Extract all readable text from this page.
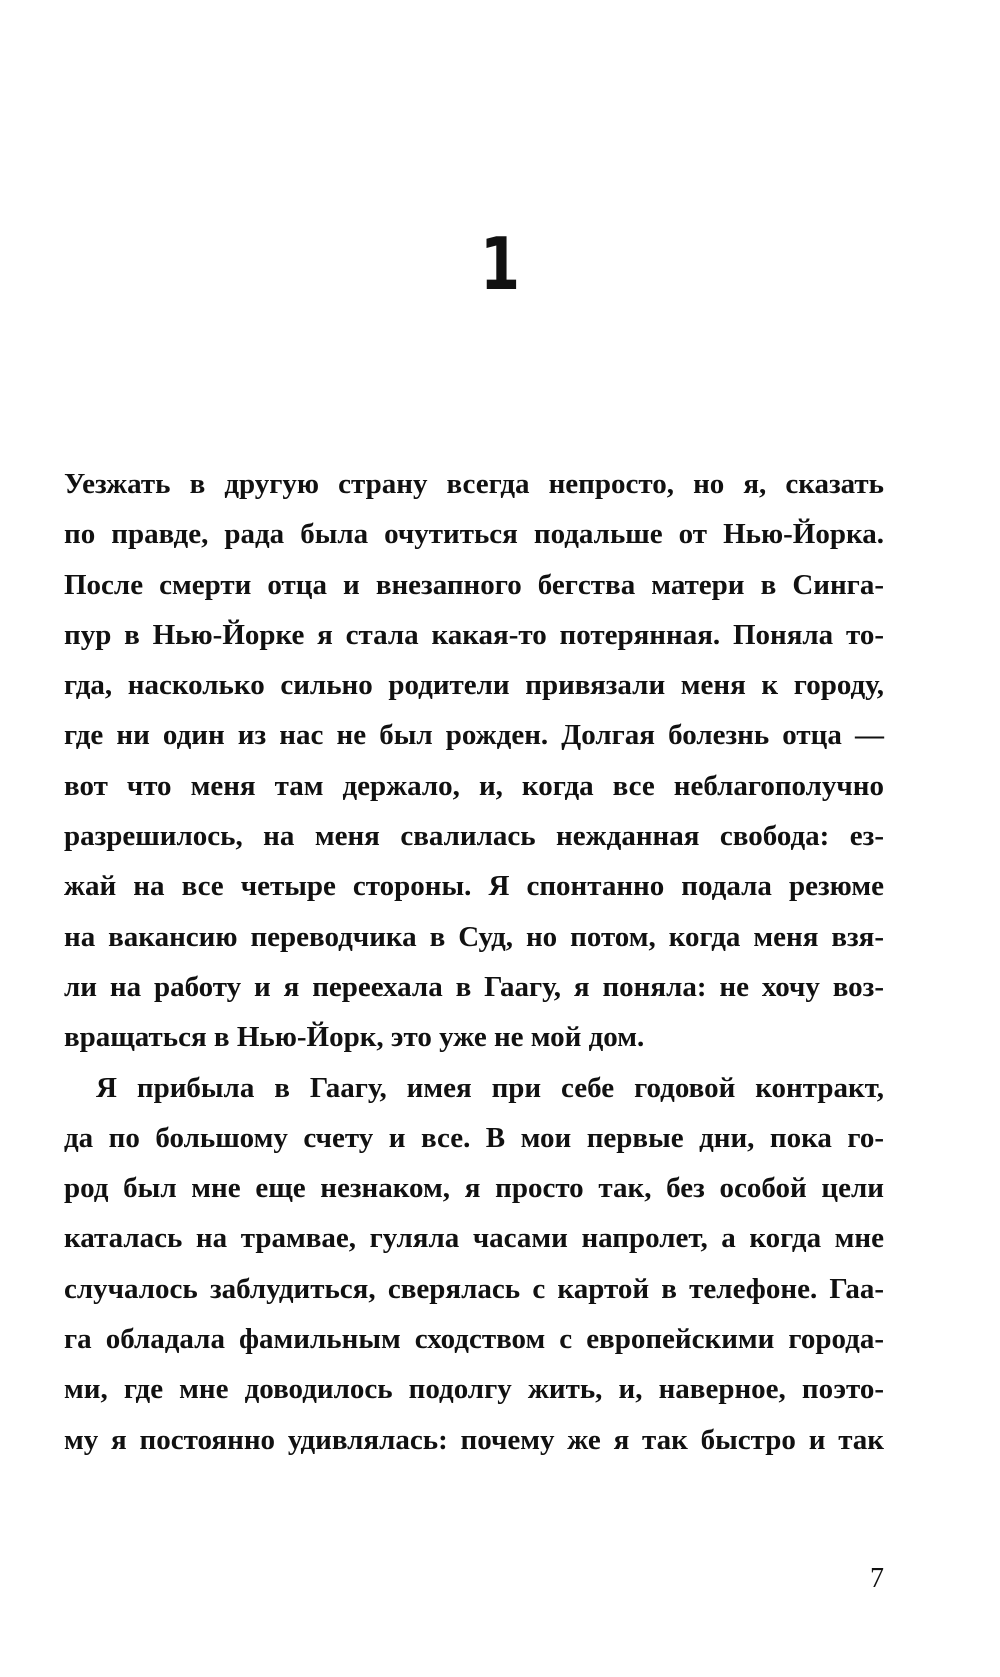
1
Уезжать в другую страну всегда непросто, но я, сказать
по правде, рада была очутиться подальше от Нью-Йорка.
После смерти отца и внезапного бегства матери в Синга-
пур в Нью-Йорке я стала какая-то потерянная. Поняла то-
гда, насколько сильно родители привязали меня к городу,
где ни один из нас не был рожден. Долгая болезнь отца —
вот что меня там держало, и, когда все неблагополучно
разрешилось, на меня свалилась нежданная свобода: ез-
жай на все четыре стороны. Я спонтанно подала резюме
на вакансию переводчика в Суд, но потом, когда меня взя-
ли на работу и я переехала в Гаагу, я поняла: не хочу воз-
вращаться в Нью-Йорк, это уже не мой дом.
Я прибыла в Гаагу, имея при себе годовой контракт,
да по большому счету и все. В мои первые дни, пока го-
род был мне еще незнаком, я просто так, без особой цели
каталась на трамвае, гуляла часами напролет, а когда мне
случалось заблудиться, сверялась с картой в телефоне. Гаа-
га обладала фамильным сходством с европейскими города-
ми, где мне доводилось подолгу жить, и, наверное, поэто-
му я постоянно удивлялась: почему же я так быстро и так
7
